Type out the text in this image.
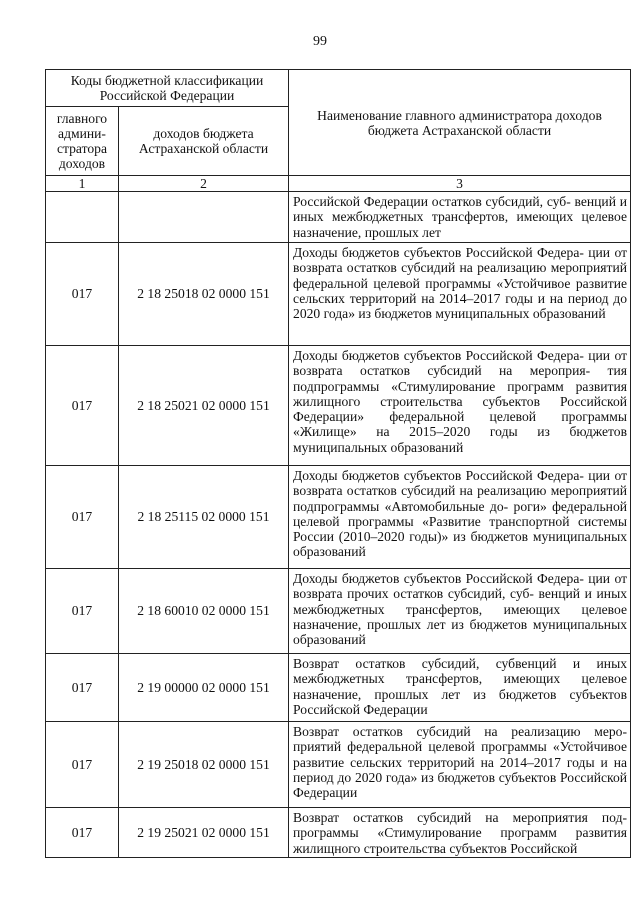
99
Коды бюджетной классификации Российской Федерации		Наименование главного администратора доходов бюджета Астраханской области
главного админи- стратора доходов	доходов бюджета Астраханской области	
1	2	3
		Российской Федерации остатков субсидий, суб- венций и иных межбюджетных трансфертов, имеющих целевое назначение, прошлых лет
017	2 18 25018 02 0000 151	Доходы бюджетов субъектов Российской Федера- ции от возврата остатков субсидий на реализацию мероприятий федеральной целевой программы «Устойчивое развитие сельских территорий на 2014–2017 годы и на период до 2020 года» из бюджетов муниципальных образований
017	2 18 25021 02 0000 151	Доходы бюджетов субъектов Российской Федера- ции от возврата остатков субсидий на мероприя- тия подпрограммы «Стимулирование программ развития жилищного строительства субъектов Российской Федерации» федеральной целевой программы «Жилище» на 2015–2020 годы из бюджетов муниципальных образований
017	2 18 25115 02 0000 151	Доходы бюджетов субъектов Российской Федера- ции от возврата остатков субсидий на реализацию мероприятий подпрограммы «Автомобильные до- роги» федеральной целевой программы «Развитие транспортной системы России (2010–2020 годы)» из бюджетов муниципальных образований
017	2 18 60010 02 0000 151	Доходы бюджетов субъектов Российской Федера- ции от возврата прочих остатков субсидий, суб- венций и иных межбюджетных трансфертов, имеющих целевое назначение, прошлых лет из бюджетов муниципальных образований
017	2 19 00000 02 0000 151	Возврат остатков субсидий, субвенций и иных межбюджетных трансфертов, имеющих целевое назначение, прошлых лет из бюджетов субъектов Российской Федерации
017	2 19 25018 02 0000 151	Возврат остатков субсидий на реализацию меро- приятий федеральной целевой программы «Устойчивое развитие сельских территорий на 2014–2017 годы и на период до 2020 года» из бюджетов субъектов Российской Федерации
017	2 19 25021 02 0000 151	Возврат остатков субсидий на мероприятия под- программы «Стимулирование программ развития жилищного строительства субъектов Российской
